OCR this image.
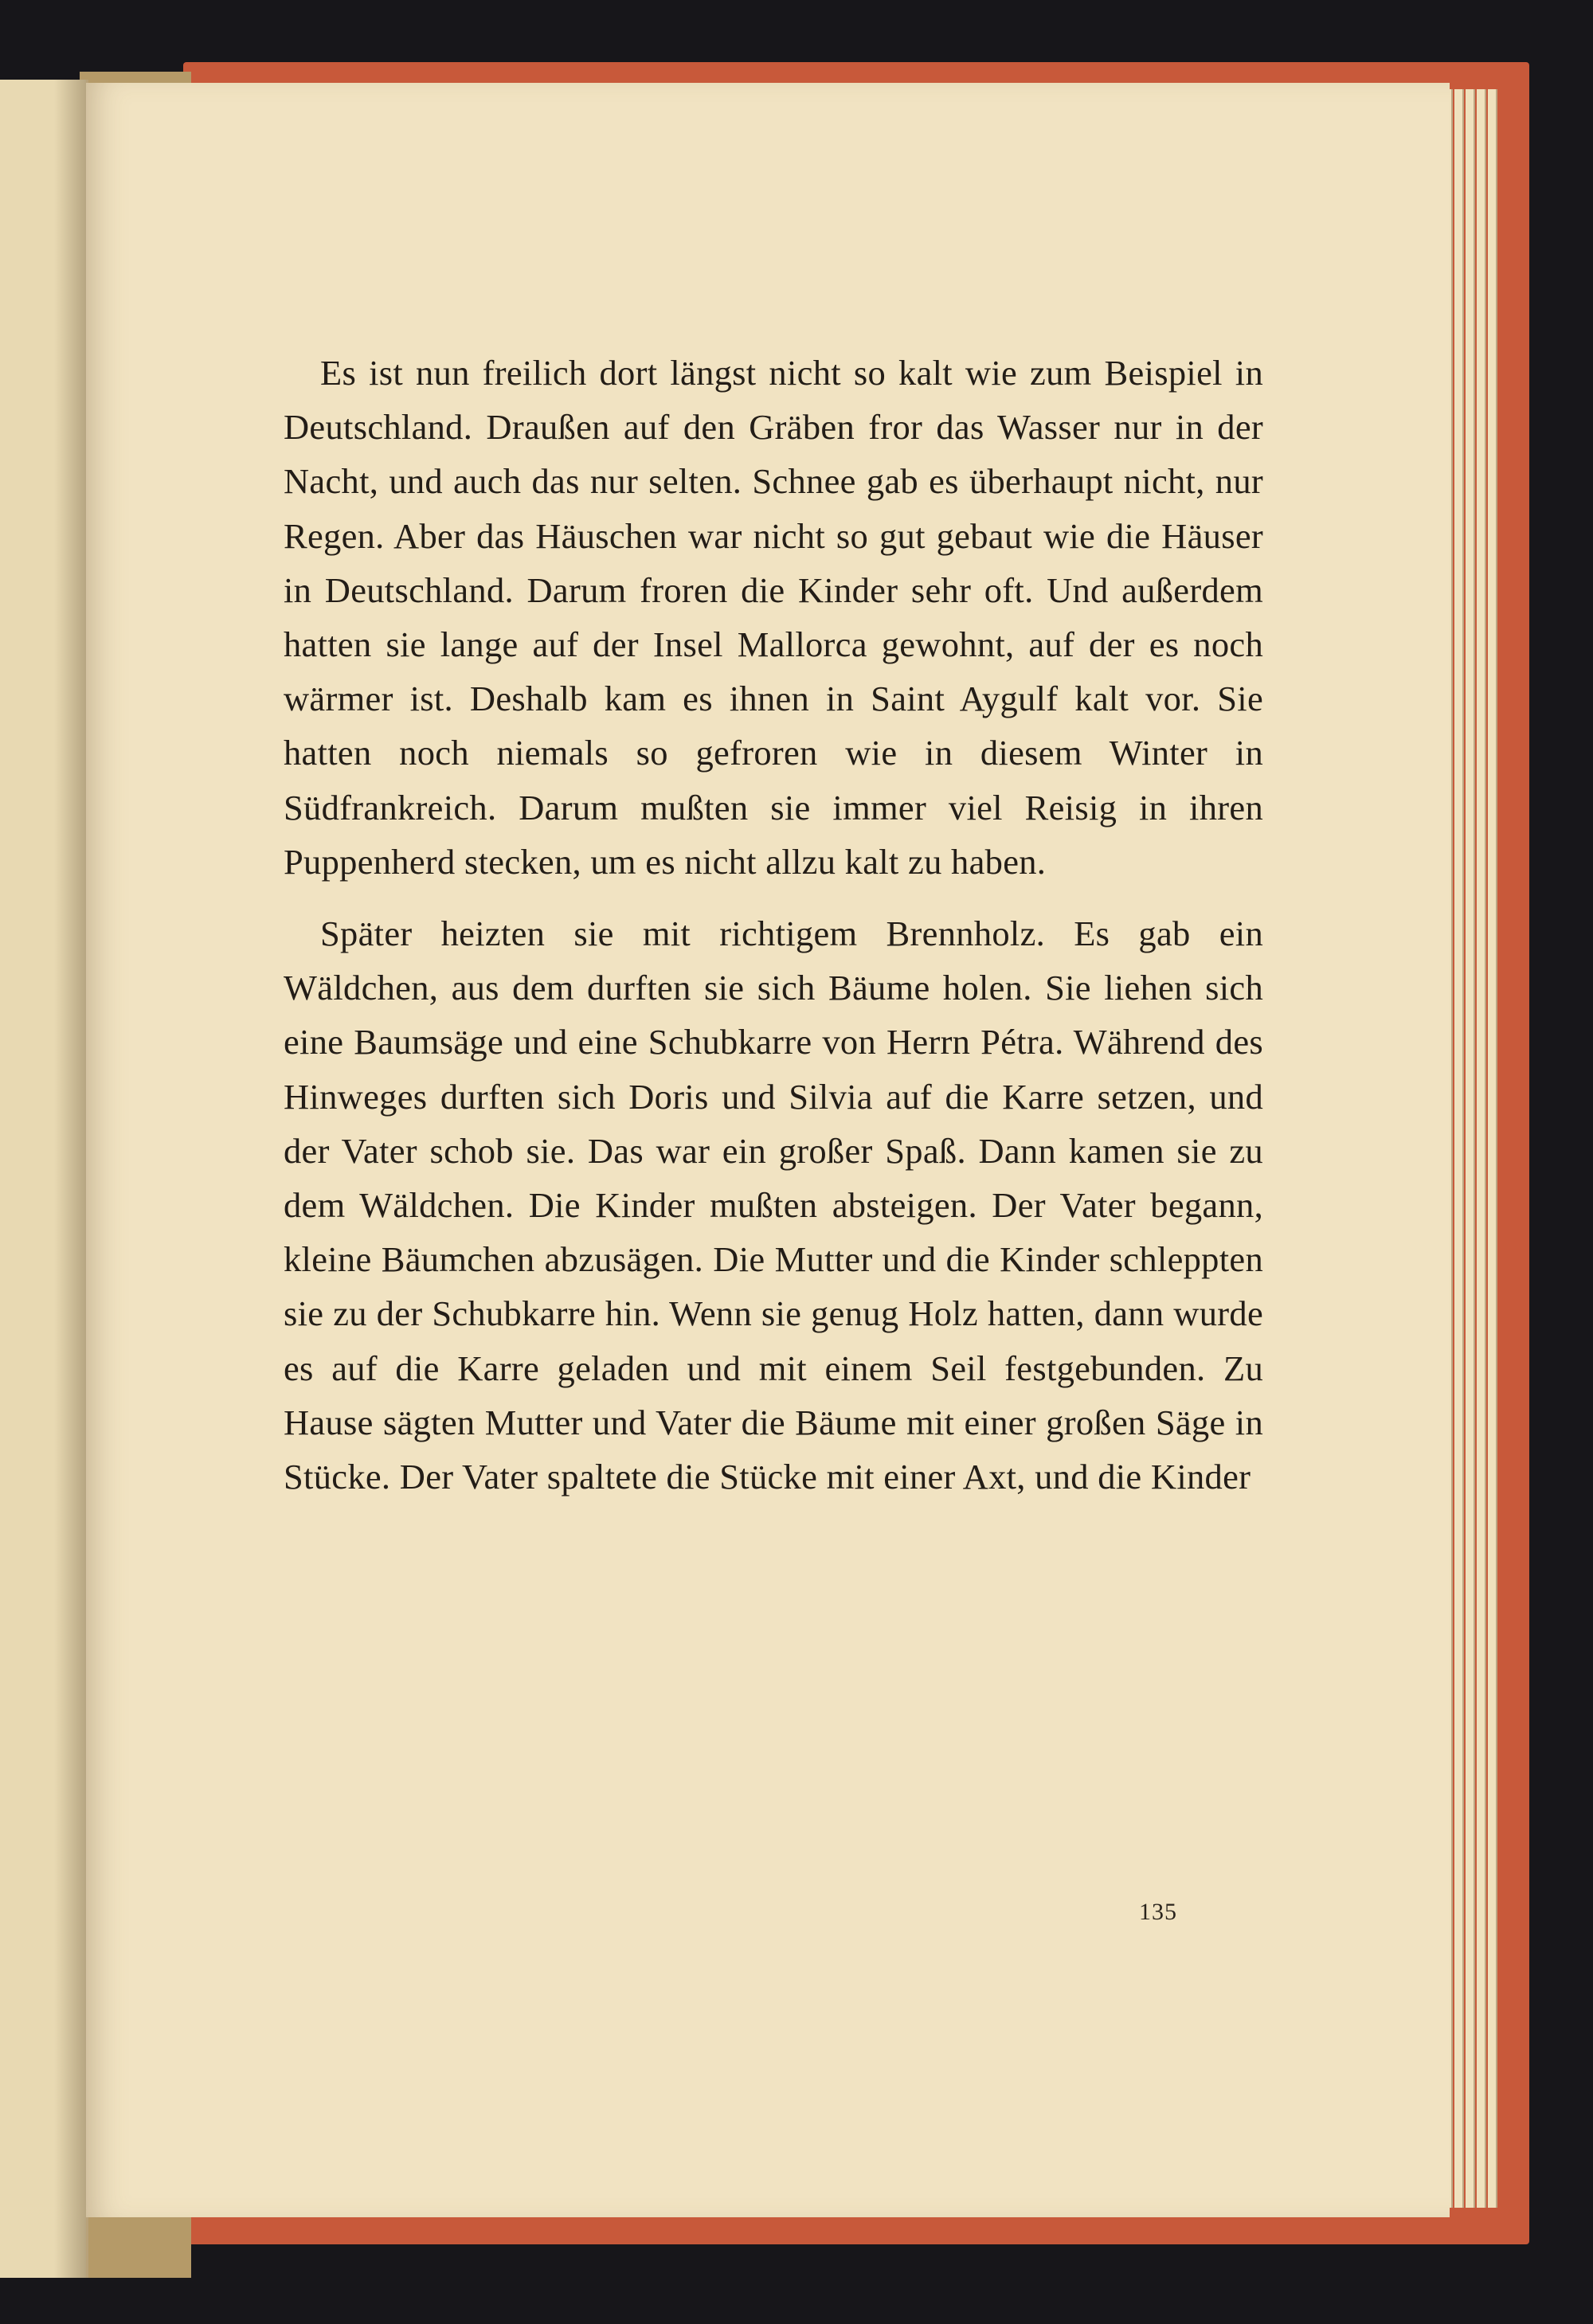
Es ist nun freilich dort längst nicht so kalt wie zum Beispiel in Deutschland. Draußen auf den Gräben fror das Wasser nur in der Nacht, und auch das nur selten. Schnee gab es überhaupt nicht, nur Regen. Aber das Häuschen war nicht so gut gebaut wie die Häuser in Deutschland. Darum froren die Kinder sehr oft. Und außerdem hatten sie lange auf der Insel Mallorca gewohnt, auf der es noch wärmer ist. Deshalb kam es ihnen in Saint Aygulf kalt vor. Sie hatten noch niemals so gefroren wie in diesem Winter in Südfrankreich. Darum mußten sie immer viel Reisig in ihren Puppenherd stecken, um es nicht allzu kalt zu haben.

Später heizten sie mit richtigem Brennholz. Es gab ein Wäldchen, aus dem durften sie sich Bäume holen. Sie liehen sich eine Baumsäge und eine Schubkarre von Herrn Pétra. Während des Hinweges durften sich Doris und Silvia auf die Karre setzen, und der Vater schob sie. Das war ein großer Spaß. Dann kamen sie zu dem Wäldchen. Die Kinder mußten absteigen. Der Vater begann, kleine Bäumchen abzusägen. Die Mutter und die Kinder schleppten sie zu der Schubkarre hin. Wenn sie genug Holz hatten, dann wurde es auf die Karre geladen und mit einem Seil festgebunden. Zu Hause sägten Mutter und Vater die Bäume mit einer großen Säge in Stücke. Der Vater spaltete die Stücke mit einer Axt, und die Kinder

135
